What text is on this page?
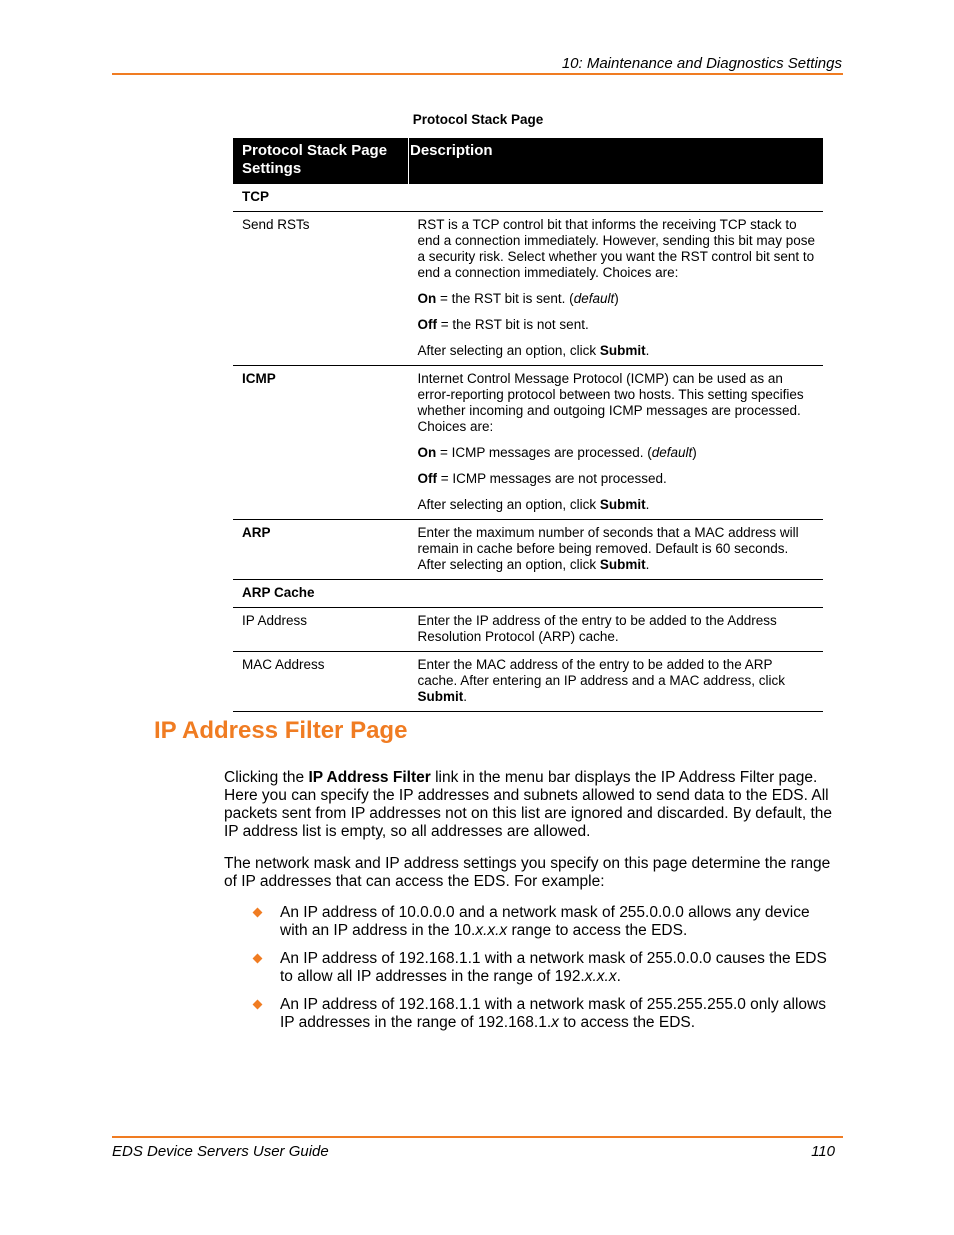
10: Maintenance and Diagnostics Settings
Protocol Stack Page
Protocol Stack Page Settings	Description
TCP	
Send RSTs	RST is a TCP control bit that informs the receiving TCP stack to end a connection immediately. However, sending this bit may pose a security risk. Select whether you want the RST control bit sent to end a connection immediately. Choices are:

On = the RST bit is sent. (default)

Off = the RST bit is not sent.

After selecting an option, click Submit.

ICMP	Internet Control Message Protocol (ICMP) can be used as an error-reporting protocol between two hosts. This setting specifies whether incoming and outgoing ICMP messages are processed. Choices are:

On = ICMP messages are processed. (default)

Off = ICMP messages are not processed.

After selecting an option, click Submit.

ARP	Enter the maximum number of seconds that a MAC address will remain in cache before being removed. Default is 60 seconds. After selecting an option, click Submit.
ARP Cache	
IP Address	Enter the IP address of the entry to be added to the Address Resolution Protocol (ARP) cache.
MAC Address	Enter the MAC address of the entry to be added to the ARP cache. After entering an IP address and a MAC address, click Submit.
IP Address Filter Page

Clicking the IP Address Filter link in the menu bar displays the IP Address Filter page. Here you can specify the IP addresses and subnets allowed to send data to the EDS. All packets sent from IP addresses not on this list are ignored and discarded. By default, the IP address list is empty, so all addresses are allowed.

The network mask and IP address settings you specify on this page determine the range of IP addresses that can access the EDS. For example:

An IP address of 10.0.0.0 and a network mask of 255.0.0.0 allows any device with an IP address in the 10.x.x.x range to access the EDS.
An IP address of 192.168.1.1 with a network mask of 255.0.0.0 causes the EDS to allow all IP addresses in the range of 192.x.x.x.
An IP address of 192.168.1.1 with a network mask of 255.255.255.0 only allows IP addresses in the range of 192.168.1.x to access the EDS.
EDS Device Servers User Guide	110
